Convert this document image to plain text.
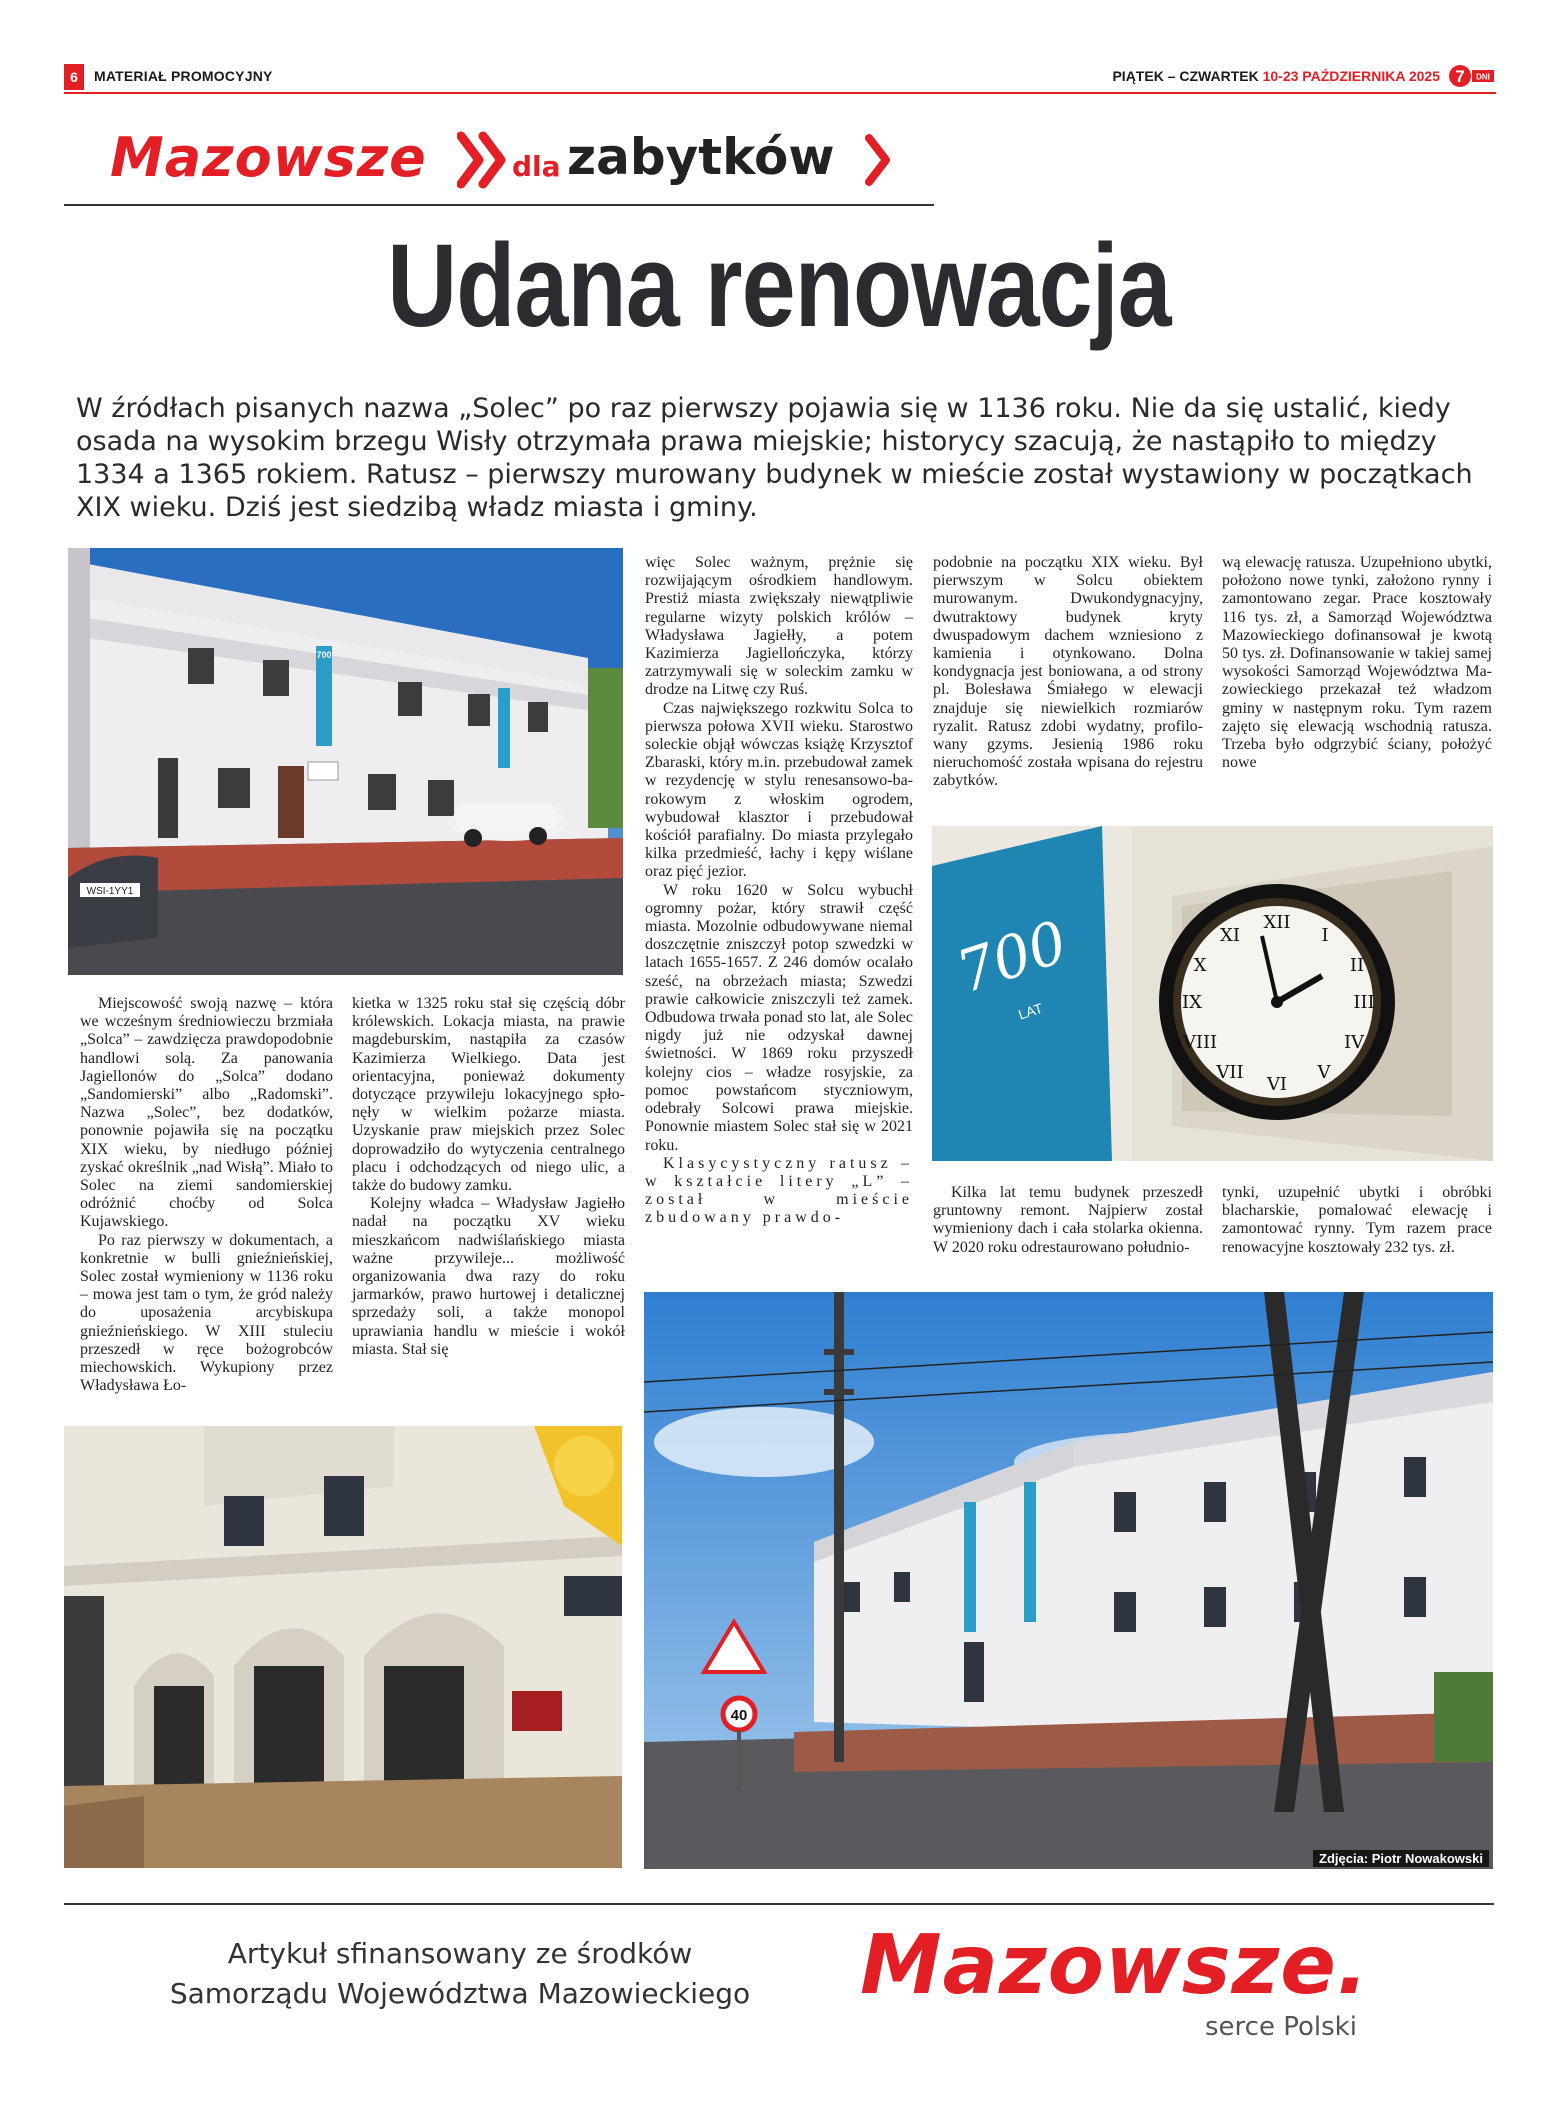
6	MATERIAŁ PROMOCYJNY	PIĄTEK – CZWARTEK 10-23 PAŹDZIERNIKA 2025 7 DNI
Mazowsze	dla zabytków
Udana renowacja
W źródłach pisanych nazwa „Solec” po raz pierwszy pojawia się w 1136 roku. Nie da się ustalić, kiedy osada na wysokim brzegu Wisły otrzymała prawa miejskie; historycy szacują, że nastąpiło to między 1334 a 1365 rokiem. Ratusz – pierwszy murowany budynek w mieście został wystawiony w początkach XIX wieku. Dziś jest siedzibą władz miasta i gminy.
700
WSI-1YY1
700
LAT
XII
I
II
III
IV
V
VI
VII
VIII
IX
X
XI
40
Zdjęcia: Piotr Nowakowski

Miejscowość swoją nazwę – która we wcześnym średniowieczu brzmiała „Solca” – zawdzięcza prawdopodobnie handlowi solą. Za panowania Jagiellonów do „Solca” dodano „Sandomierski” albo „Radomski”. Nazwa „Solec”, bez dodatków, ponownie pojawiła się na początku XIX wieku, by niedługo później zyskać określnik „nad Wisłą”. Miało to Solec na ziemi sandomierskiej odróżnić choćby od Solca Kujawskiego.

Po raz pierwszy w dokumentach, a konkretnie w bulli gnieźnieńskiej, Solec został wymieniony w 1136 roku – mowa jest tam o tym, że gród należy do uposażenia arcybiskupa gnieźnieńskiego. W XIII stuleciu przeszedł w ręce bożogrobców miechowskich. Wykupiony przez Władysława Ło-

kietka w 1325 roku stał się częścią dóbr królewskich. Lokacja miasta, na prawie magdeburskim, nastąpiła za czasów Kazimierza Wielkiego. Data jest orientacyjna, ponieważ dokumenty dotyczące przywileju lokacyjnego spłonęły w wielkim pożarze miasta. Uzyskanie praw miejskich przez Solec doprowadziło do wytyczenia centralnego placu i odchodzących od niego ulic, a także do budowy zamku.

Kolejny władca – Władysław Jagiełło nadał na początku XV wieku mieszkańcom nadwiślańskiego miasta ważne przywileje... możliwość organizowania dwa razy do roku jarmarków, prawo hurtowej i detalicznej sprzedaży soli, a także monopol uprawiania handlu w mieście i wokół miasta. Stał się

więc Solec ważnym, prężnie się rozwijającym ośrodkiem handlowym. Prestiż miasta zwiększały niewątpliwie regularne wizyty polskich królów – Władysława Jagiełły, a potem Kazimierza Jagiellończyka, którzy zatrzymywali się w soleckim zamku w drodze na Litwę czy Ruś.

Czas największego rozkwitu Solca to pierwsza połowa XVII wieku. Starostwo soleckie objął wówczas książę Krzysztof Zbaraski, który m.in. przebudował zamek w rezydencję w stylu renesansowo-barokowym z włoskim ogrodem, wybudował klasztor i przebudował kościół parafialny. Do miasta przylegało kilka przedmieść, łachy i kępy wiślane oraz pięć jezior.

W roku 1620 w Solcu wybuchł ogromny pożar, który strawił część miasta. Mozolnie odbudowywane niemal doszczętnie zniszczył potop szwedzki w latach 1655-1657. Z 246 domów ocalało sześć, na obrzeżach miasta; Szwedzi prawie całkowicie zniszczyli też zamek. Odbudowa trwała ponad sto lat, ale Solec nigdy już nie odzyskał dawnej świetności. W 1869 roku przyszedł kolejny cios – władze rosyjskie, za pomoc powstańcom styczniowym, odebrały Solcowi prawa miejskie. Ponownie miastem Solec stał się w 2021 roku.

Klasycystyczny ratusz – w kształcie litery „L” – został w mieście zbudowany prawdo-

podobnie na początku XIX wieku. Był pierwszym w Solcu obiektem murowanym. Dwukondygnacyjny, dwutraktowy budynek kryty dwuspadowym dachem wzniesiono z kamienia i otynkowano. Dolna kondygnacja jest boniowana, a od strony pl. Bolesława Śmiałego w elewacji znajduje się niewielkich rozmiarów ryzalit. Ratusz zdobi wydatny, profilowany gzyms. Jesienią 1986 roku nieruchomość została wpisana do rejestru zabytków.

wą elewację ratusza. Uzupełniono ubytki, położono nowe tynki, założono rynny i zamontowano zegar. Prace kosztowały 116 tys. zł, a Samorząd Województwa Mazowieckiego dofinansował je kwotą 50 tys. zł. Dofinansowanie w takiej samej wysokości Samorząd Województwa Mazowieckiego przekazał też władzom gminy w następnym roku. Tym razem zajęto się elewacją wschodnią ratusza. Trzeba było odgrzybić ściany, położyć nowe

Kilka lat temu budynek przeszedł gruntowny remont. Najpierw został wymieniony dach i cała stolarka okienna. W 2020 roku odrestaurowano południo-

tynki, uzupełnić ubytki i obróbki blacharskie, pomalować elewację i zamontować rynny. Tym razem prace renowacyjne kosztowały 232 tys. zł.

Artykuł sfinansowany ze środków
Samorządu Województwa Mazowieckiego	Mazowsze.
serce Polski
